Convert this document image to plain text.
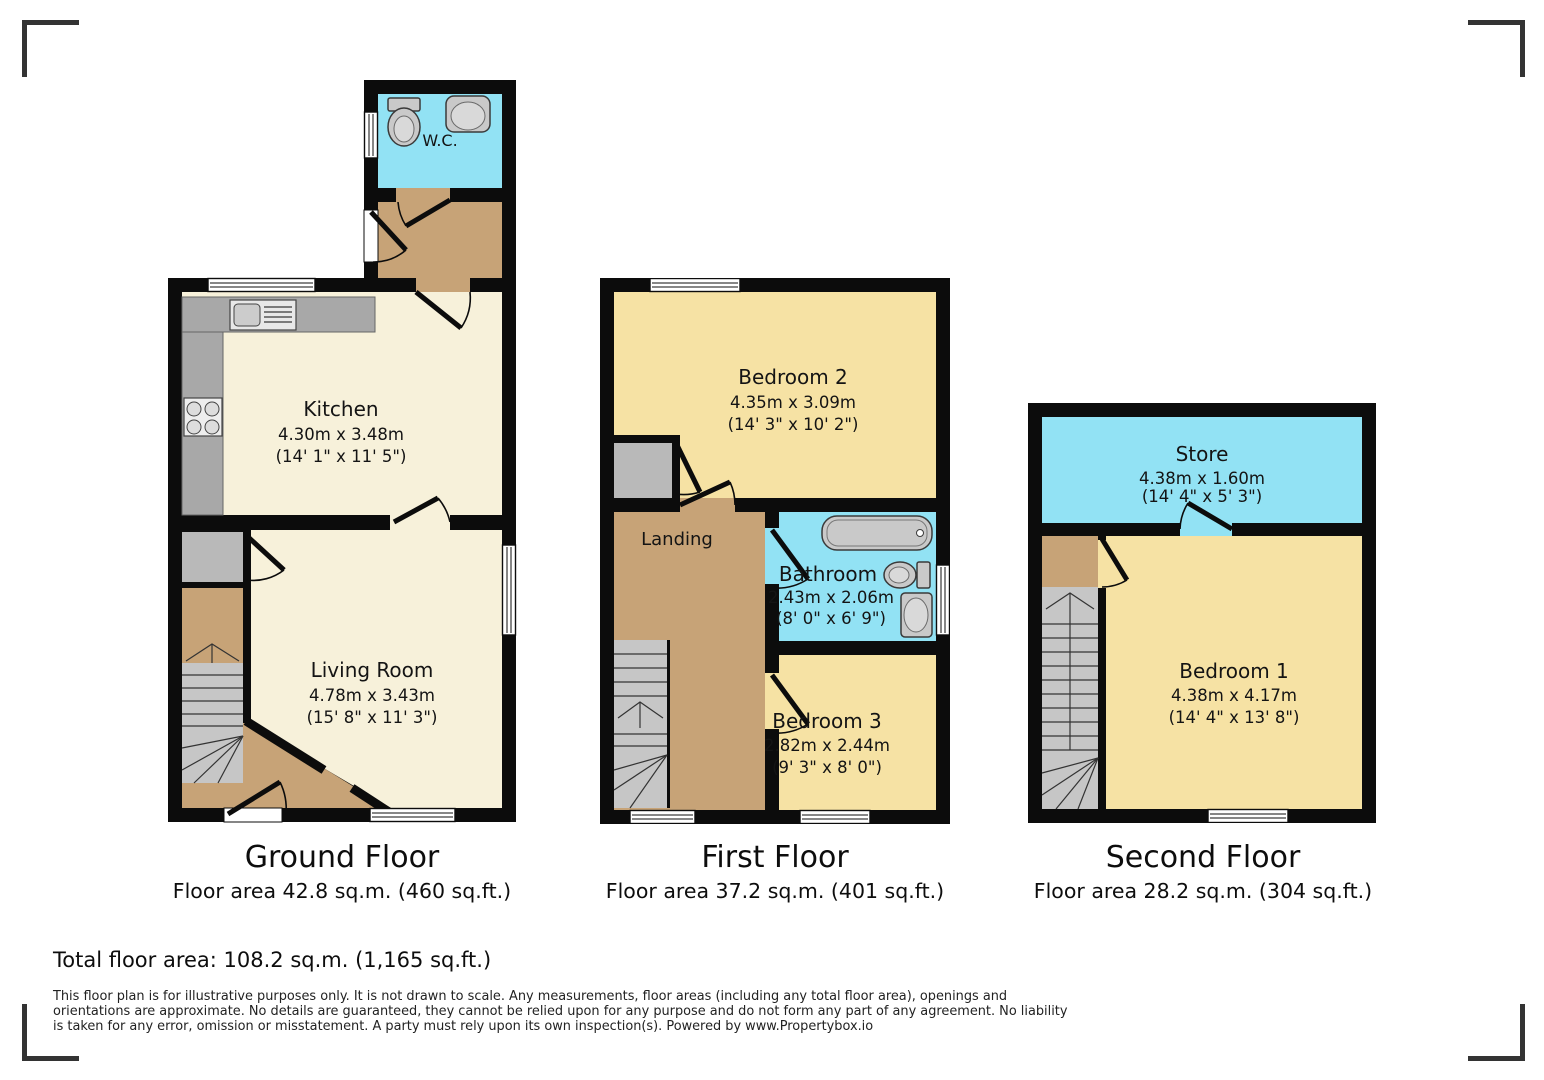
W.C.
Kitchen
4.30m x 3.48m
(14' 1" x 11' 5")
Living Room
4.78m x 3.43m
(15' 8" x 11' 3")
Bedroom 2
4.35m x 3.09m
(14' 3" x 10' 2")
Landing
Bathroom
2.43m x 2.06m
(8' 0" x 6' 9")
Bedroom 3
2.82m x 2.44m
(9' 3" x 8' 0")
Store
4.38m x 1.60m
(14' 4" x 5' 3")
Bedroom 1
4.38m x 4.17m
(14' 4" x 13' 8")
Ground Floor
Floor area 42.8 sq.m. (460 sq.ft.)
First Floor
Floor area 37.2 sq.m. (401 sq.ft.)
Second Floor
Floor area 28.2 sq.m. (304 sq.ft.)
Total floor area: 108.2 sq.m. (1,165 sq.ft.)
This floor plan is for illustrative purposes only. It is not drawn to scale. Any measurements, floor areas (including any total floor area), openings and orientations are approximate. No details are guaranteed, they cannot be relied upon for any purpose and do not form any part of any agreement. No liability is taken for any error, omission or misstatement. A party must rely upon its own inspection(s). Powered by www.Propertybox.io
